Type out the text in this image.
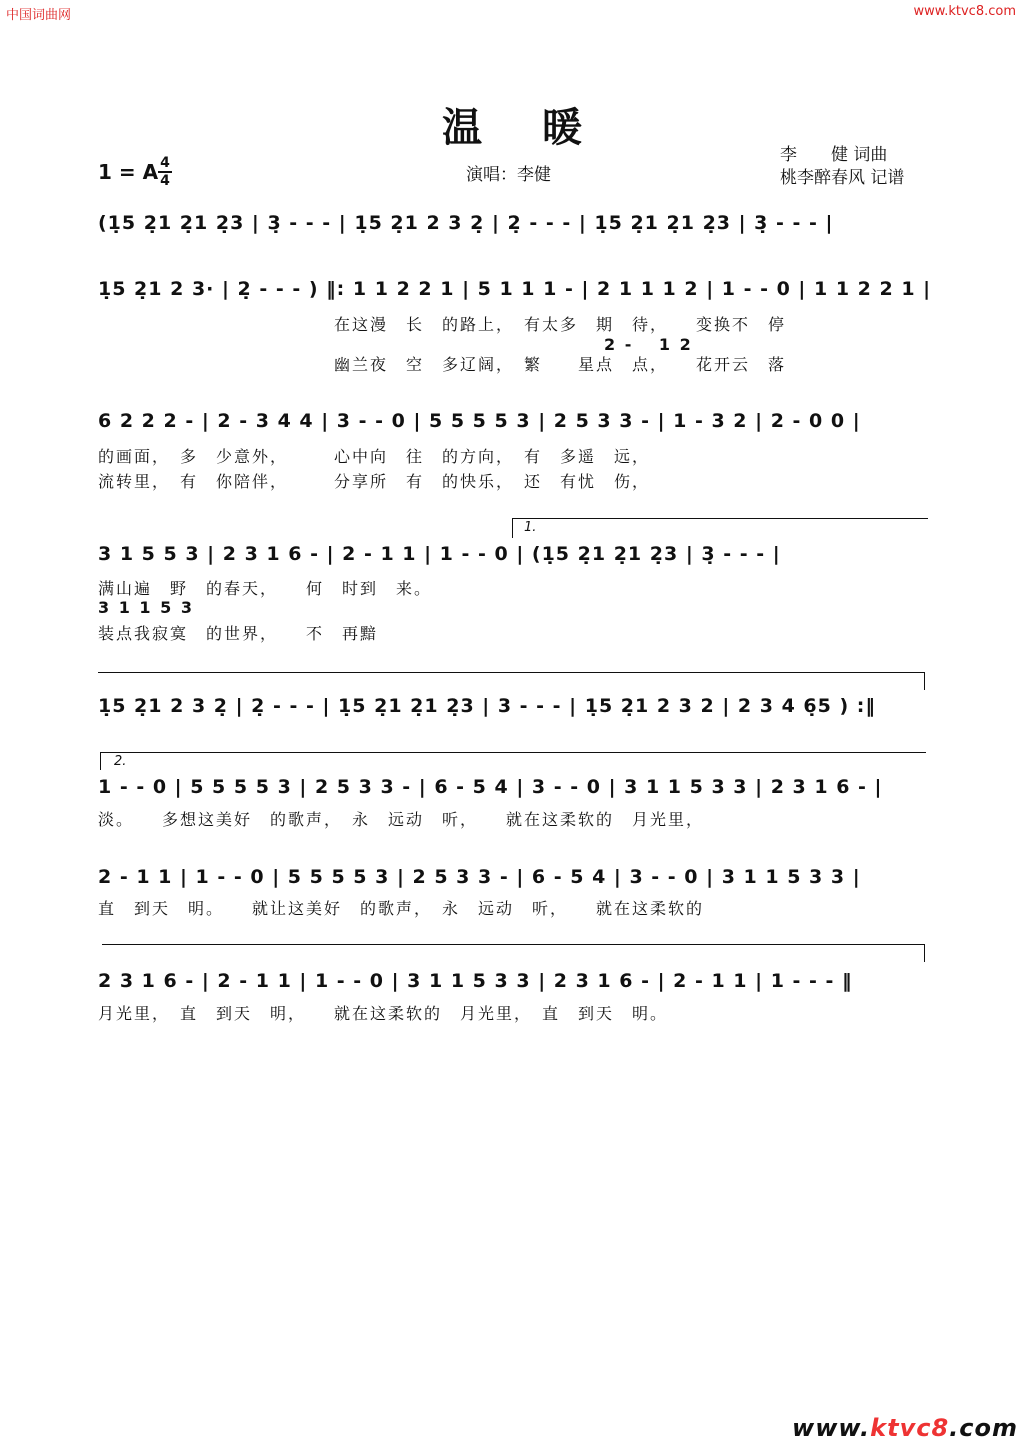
中国词曲网	www.ktvc8.com
温暖
1 = A 4
4	演唱：李健
李　　健 词曲
桃李醉春风 记谱
(1̣5 2̣1 2̣1 2̣3 | 3̣ - - - | 1̣5 2̣1 2 3 2̣ | 2̣ - - - | 1̣5 2̣1 2̣1 2̣3 | 3̣ - - - |
1̣5 2̣1 2 3· | 2̣ - - - ) ‖: 1 1 2 2 1 | 5 1 1 1 - | 2 1 1 1 2 | 1 - - 0 | 1 1 2 2 1 |
在这漫　长　的路上，　有太多　期　待，　　变换不　停
　　　　　　　　　　　　　　　2 - 　1 2
幽兰夜　空　多辽阔，　繁　　星点　点，　　花开云　落
6 2 2 2 - | 2 - 3 4 4 | 3 - - 0 | 5 5 5 5 3 | 2 5 3 3 - | 1 - 3 2 | 2 - 0 0 |
的画面，　多　少意外，　　　心中向　往　的方向，　有　多遥　远，
流转里，　有　你陪伴，　　　分享所　有　的快乐，　还　有忧　伤，
1.
3 1 5 5 3 | 2 3 1 6 - | 2 - 1 1 | 1 - - 0 | (1̣5 2̣1 2̣1 2̣3 | 3̣ - - - |
满山遍　野　的春天，　　何　时到　来。
3 1 1 5 3
装点我寂寞　的世界，　　不　再黯
1̣5 2̣1 2 3 2̣ | 2̣ - - - | 1̣5 2̣1 2̣1 2̣3 | 3 - - - | 1̣5 2̣1 2 3 2 | 2 3 4 6̣5 ) :‖
2.
1 - - 0 | 5 5 5 5 3 | 2 5 3 3 - | 6 - 5 4 | 3 - - 0 | 3 1 1 5 3 3 | 2 3 1 6 - |
淡。　　多想这美好　的歌声，　永　远动　听，　　就在这柔软的　月光里，
2 - 1 1 | 1 - - 0 | 5 5 5 5 3 | 2 5 3 3 - | 6 - 5 4 | 3 - - 0 | 3 1 1 5 3 3 |
直　到天　明。　　就让这美好　的歌声，　永　远动　听，　　就在这柔软的
2 3 1 6 - | 2 - 1 1 | 1 - - 0 | 3 1 1 5 3 3 | 2 3 1 6 - | 2 - 1 1 | 1 - - - ‖
月光里，　直　到天　明，　　就在这柔软的　月光里，　直　到天　明。
www.ktvc8.com
